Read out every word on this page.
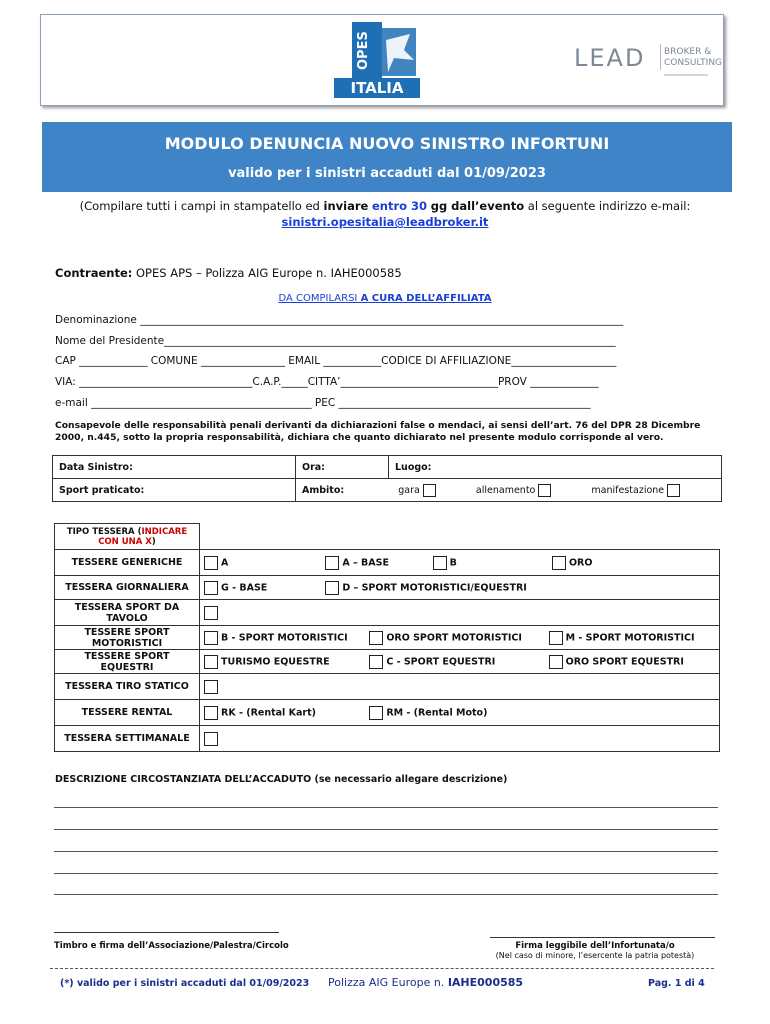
OPES
ITALIA
LEAD BROKER &
CONSULTING
MODULO DENUNCIA NUOVO SINISTRO INFORTUNI
valido per i sinistri accaduti dal 01/09/2023
(Compilare tutti i campi in stampatello ed inviare entro 30 gg dall’evento al seguente indirizzo e-mail:
sinistri.opesitalia@leadbroker.it
Contraente: OPES APS – Polizza AIG Europe n. IAHE000585
DA COMPILARSI A CURA DELL’AFFILIATA
Denominazione ____________________________________________________________________________________________
Nome del Presidente______________________________________________________________________________________
CAP _____________ COMUNE ________________ EMAIL ___________CODICE DI AFFILIAZIONE____________________
VIA: _________________________________C.A.P._____CITTA’______________________________PROV _____________
e-mail __________________________________________ PEC ________________________________________________
Consapevole delle responsabilità penali derivanti da dichiarazioni false o mendaci, ai sensi dell’art. 76 del DPR 28 Dicembre 2000, n.445, sotto la propria responsabilità, dichiara che quanto dichiarato nel presente modulo corrisponde al vero.
Data Sinistro:	Ora:	Luogo:
Sport praticato:	Ambito: gara allenamento manifestazione	
TIPO TESSERA (INDICARE CON UNA X)	
TESSERE GENERICHE	A A – BASE B ORO
TESSERA GIORNALIERA	G - BASE D – SPORT MOTORISTICI/EQUESTRI
TESSERA SPORT DA TAVOLO	
TESSERE SPORT MOTORISTICI	B - SPORT MOTORISTICI ORO SPORT MOTORISTICI M - SPORT MOTORISTICI
TESSERE SPORT EQUESTRI	TURISMO EQUESTRE C - SPORT EQUESTRI ORO SPORT EQUESTRI
TESSERA TIRO STATICO	
TESSERE RENTAL	RK - (Rental Kart) RM - (Rental Moto)
TESSERA SETTIMANALE	
DESCRIZIONE CIRCOSTANZIATA DELL’ACCADUTO (se necessario allegare descrizione)
Timbro e firma dell’Associazione/Palestra/Circolo	Firma leggibile dell’Infortunata/o
(Nel caso di minore, l’esercente la patria potestà)
(*) valido per i sinistri accaduti dal 01/09/2023 Polizza AIG Europe n. IAHE000585	Pag. 1 di 4
